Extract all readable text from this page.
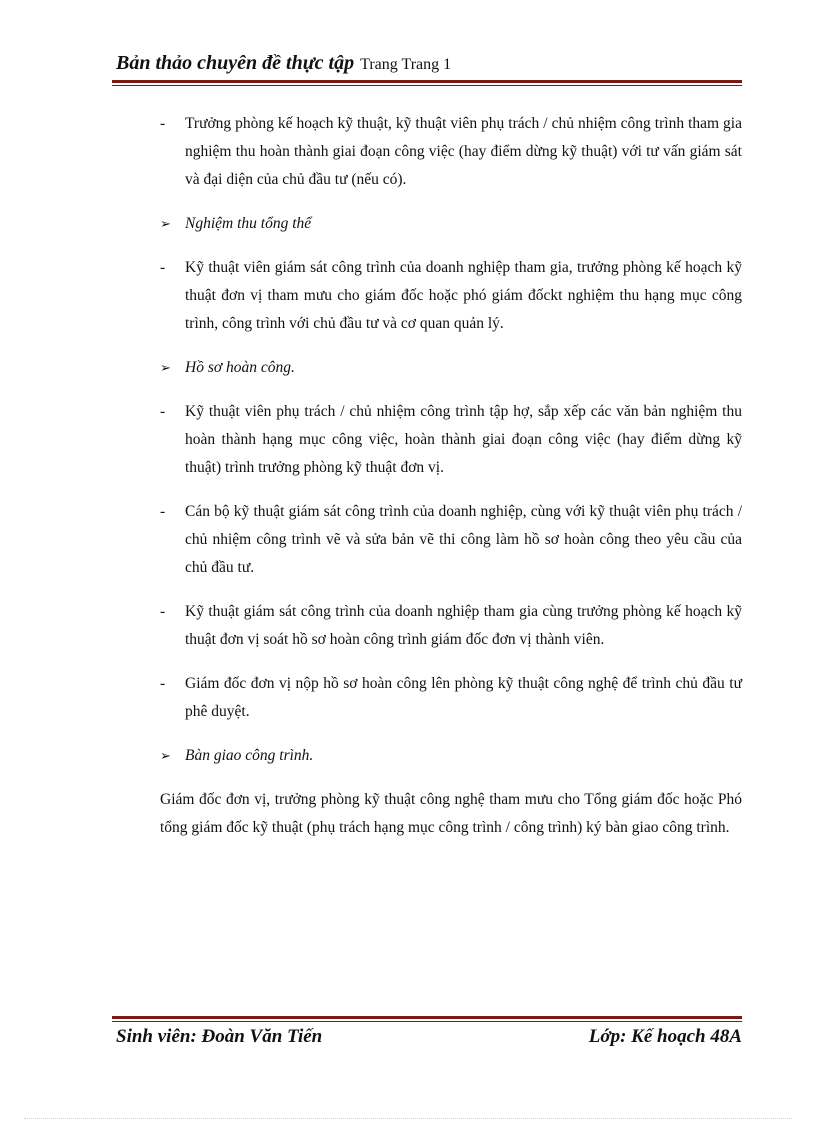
Bản thảo chuyên đề thực tập Trang Trang 1
- Trưởng phòng kế hoạch kỹ thuật, kỹ thuật viên phụ trách / chủ nhiệm công trình tham gia nghiệm thu hoàn thành giai đoạn công việc (hay điểm dừng kỹ thuật) với tư vấn giám sát và đại diện của chủ đầu tư (nếu có).
➢ Nghiệm thu tổng thể
- Kỹ thuật viên giám sát công trình của doanh nghiệp tham gia, trưởng phòng kế hoạch kỹ thuật đơn vị tham mưu cho giám đốc hoặc phó giám đốckt nghiệm thu hạng mục công trình, công trình với chủ đầu tư và cơ quan quản lý.
➢ Hồ sơ hoàn công.
- Kỹ thuật viên phụ trách / chủ nhiệm công trình tập hợ, sắp xếp các văn bản nghiệm thu hoàn thành hạng mục công việc, hoàn thành giai đoạn công việc (hay điểm dừng kỹ thuật) trình trưởng phòng kỹ thuật đơn vị.
- Cán bộ kỹ thuật giám sát công trình của doanh nghiệp, cùng với kỹ thuật viên phụ trách / chủ nhiệm công trình vẽ và sửa bản vẽ thi công làm hồ sơ hoàn công theo yêu cầu của chủ đầu tư.
- Kỹ thuật giám sát công trình của doanh nghiệp tham gia cùng trưởng phòng kế hoạch kỹ thuật đơn vị soát hồ sơ hoàn công trình giám đốc đơn vị thành viên.
- Giám đốc đơn vị nộp hồ sơ hoàn công lên phòng kỹ thuật công nghệ để trình chủ đầu tư phê duyệt.
➢ Bàn giao công trình.
Giám đốc đơn vị, trưởng phòng kỹ thuật công nghệ tham mưu cho Tổng giám đốc hoặc Phó tổng giám đốc kỹ thuật (phụ trách hạng mục công trình / công trình) ký bàn giao công trình.
Sinh viên: Đoàn Văn Tiến	Lớp: Kế hoạch 48A
